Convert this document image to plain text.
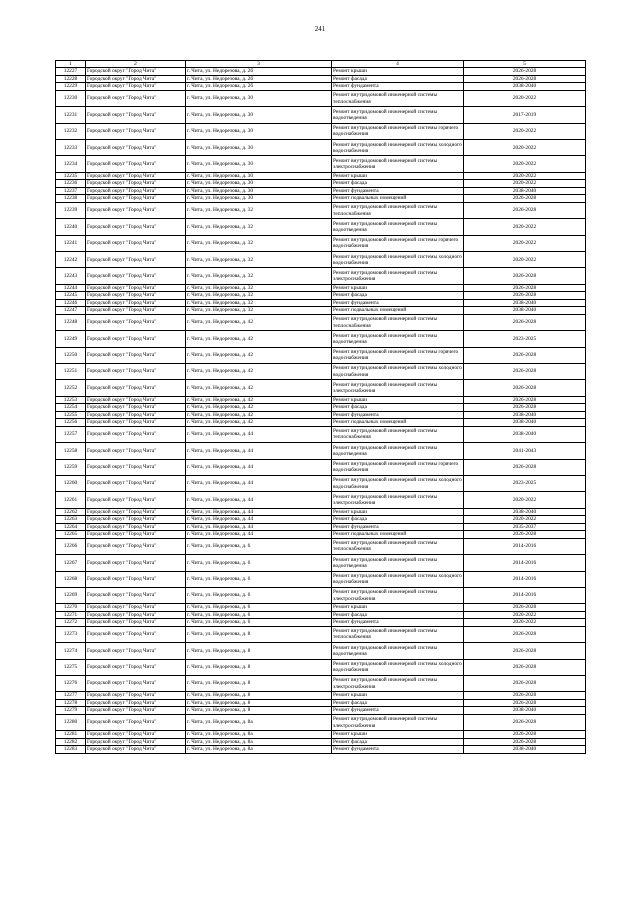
241
1	2	3	4	5
12227	Городской округ "Город Чита"	г. Чита, ул. Недорезова, д. 2б	Ремонт крыши	2026-2028
12228	Городской округ "Город Чита"	г. Чита, ул. Недорезова, д. 2б	Ремонт фасада	2026-2028
12229	Городской округ "Город Чита"	г. Чита, ул. Недорезова, д. 2б	Ремонт фундамента	2038-2040
12230	Городской округ "Город Чита"	г. Чита, ул. Недорезова, д. 30	Ремонт внутридомовой инженерной системы теплоснабжения	2020-2022
12231	Городской округ "Город Чита"	г. Чита, ул. Недорезова, д. 30	Ремонт внутридомовой инженерной системы водоотведения	2017-2019
12232	Городской округ "Город Чита"	г. Чита, ул. Недорезова, д. 30	Ремонт внутридомовой инженерной системы горячего водоснабжения	2020-2022
12233	Городской округ "Город Чита"	г. Чита, ул. Недорезова, д. 30	Ремонт внутридомовой инженерной системы холодного водоснабжения	2020-2022
12234	Городской округ "Город Чита"	г. Чита, ул. Недорезова, д. 30	Ремонт внутридомовой инженерной системы электроснабжения	2020-2022
12235	Городской округ "Город Чита"	г. Чита, ул. Недорезова, д. 30	Ремонт крыши	2020-2022
12236	Городской округ "Город Чита"	г. Чита, ул. Недорезова, д. 30	Ремонт фасада	2020-2022
12237	Городской округ "Город Чита"	г. Чита, ул. Недорезова, д. 30	Ремонт фундамента	2038-2040
12238	Городской округ "Город Чита"	г. Чита, ул. Недорезова, д. 30	Ремонт подвальных помещений	2026-2028
12239	Городской округ "Город Чита"	г. Чита, ул. Недорезова, д. 32	Ремонт внутридомовой инженерной системы теплоснабжения	2026-2028
12240	Городской округ "Город Чита"	г. Чита, ул. Недорезова, д. 32	Ремонт внутридомовой инженерной системы водоотведения	2020-2022
12241	Городской округ "Город Чита"	г. Чита, ул. Недорезова, д. 32	Ремонт внутридомовой инженерной системы горячего водоснабжения	2020-2022
12242	Городской округ "Город Чита"	г. Чита, ул. Недорезова, д. 32	Ремонт внутридомовой инженерной системы холодного водоснабжения	2020-2022
12243	Городской округ "Город Чита"	г. Чита, ул. Недорезова, д. 32	Ремонт внутридомовой инженерной системы электроснабжения	2026-2028
12244	Городской округ "Город Чита"	г. Чита, ул. Недорезова, д. 32	Ремонт крыши	2026-2028
12245	Городской округ "Город Чита"	г. Чита, ул. Недорезова, д. 32	Ремонт фасада	2026-2028
12246	Городской округ "Город Чита"	г. Чита, ул. Недорезова, д. 32	Ремонт фундамента	2038-2040
12247	Городской округ "Город Чита"	г. Чита, ул. Недорезова, д. 32	Ремонт подвальных помещений	2038-2040
12248	Городской округ "Город Чита"	г. Чита, ул. Недорезова, д. 42	Ремонт внутридомовой инженерной системы теплоснабжения	2026-2028
12249	Городской округ "Город Чита"	г. Чита, ул. Недорезова, д. 42	Ремонт внутридомовой инженерной системы водоотведения	2023-2025
12250	Городской округ "Город Чита"	г. Чита, ул. Недорезова, д. 42	Ремонт внутридомовой инженерной системы горячего водоснабжения	2026-2028
12251	Городской округ "Город Чита"	г. Чита, ул. Недорезова, д. 42	Ремонт внутридомовой инженерной системы холодного водоснабжения	2026-2028
12252	Городской округ "Город Чита"	г. Чита, ул. Недорезова, д. 42	Ремонт внутридомовой инженерной системы электроснабжения	2026-2028
12253	Городской округ "Город Чита"	г. Чита, ул. Недорезова, д. 42	Ремонт крыши	2026-2028
12254	Городской округ "Город Чита"	г. Чита, ул. Недорезова, д. 42	Ремонт фасада	2026-2028
12255	Городской округ "Город Чита"	г. Чита, ул. Недорезова, д. 42	Ремонт фундамента	2038-2040
12256	Городской округ "Город Чита"	г. Чита, ул. Недорезова, д. 42	Ремонт подвальных помещений	2038-2040
12257	Городской округ "Город Чита"	г. Чита, ул. Недорезова, д. 44	Ремонт внутридомовой инженерной системы теплоснабжения	2038-2040
12258	Городской округ "Город Чита"	г. Чита, ул. Недорезова, д. 44	Ремонт внутридомовой инженерной системы водоотведения	2041-2043
12259	Городской округ "Город Чита"	г. Чита, ул. Недорезова, д. 44	Ремонт внутридомовой инженерной системы горячего водоснабжения	2026-2028
12260	Городской округ "Город Чита"	г. Чита, ул. Недорезова, д. 44	Ремонт внутридомовой инженерной системы холодного водоснабжения	2023-2025
12261	Городской округ "Город Чита"	г. Чита, ул. Недорезова, д. 44	Ремонт внутридомовой инженерной системы электроснабжения	2020-2022
12262	Городской округ "Город Чита"	г. Чита, ул. Недорезова, д. 44	Ремонт крыши	2038-2040
12263	Городской округ "Город Чита"	г. Чита, ул. Недорезова, д. 44	Ремонт фасада	2020-2022
12264	Городской округ "Город Чита"	г. Чита, ул. Недорезова, д. 44	Ремонт фундамента	2035-2037
12265	Городской округ "Город Чита"	г. Чита, ул. Недорезова, д. 44	Ремонт подвальных помещений	2026-2028
12266	Городской округ "Город Чита"	г. Чита, ул. Недорезова, д. 6	Ремонт внутридомовой инженерной системы теплоснабжения	2014-2016
12267	Городской округ "Город Чита"	г. Чита, ул. Недорезова, д. 6	Ремонт внутридомовой инженерной системы водоотведения	2014-2016
12268	Городской округ "Город Чита"	г. Чита, ул. Недорезова, д. 6	Ремонт внутридомовой инженерной системы холодного водоснабжения	2014-2016
12269	Городской округ "Город Чита"	г. Чита, ул. Недорезова, д. 6	Ремонт внутридомовой инженерной системы электроснабжения	2014-2016
12270	Городской округ "Город Чита"	г. Чита, ул. Недорезова, д. 6	Ремонт крыши	2026-2028
12271	Городской округ "Город Чита"	г. Чита, ул. Недорезова, д. 6	Ремонт фасада	2020-2022
12272	Городской округ "Город Чита"	г. Чита, ул. Недорезова, д. 6	Ремонт фундамента	2020-2022
12273	Городской округ "Город Чита"	г. Чита, ул. Недорезова, д. 8	Ремонт внутридомовой инженерной системы теплоснабжения	2026-2028
12274	Городской округ "Город Чита"	г. Чита, ул. Недорезова, д. 8	Ремонт внутридомовой инженерной системы водоотведения	2026-2028
12275	Городской округ "Город Чита"	г. Чита, ул. Недорезова, д. 8	Ремонт внутридомовой инженерной системы холодного водоснабжения	2026-2028
12276	Городской округ "Город Чита"	г. Чита, ул. Недорезова, д. 8	Ремонт внутридомовой инженерной системы электроснабжения	2026-2028
12277	Городской округ "Город Чита"	г. Чита, ул. Недорезова, д. 8	Ремонт крыши	2026-2028
12278	Городской округ "Город Чита"	г. Чита, ул. Недорезова, д. 8	Ремонт фасада	2026-2028
12279	Городской округ "Город Чита"	г. Чита, ул. Недорезова, д. 8	Ремонт фундамента	2038-2040
12280	Городской округ "Город Чита"	г. Чита, ул. Недорезова, д. 8а	Ремонт внутридомовой инженерной системы электроснабжения	2026-2028
12281	Городской округ "Город Чита"	г. Чита, ул. Недорезова, д. 8а	Ремонт крыши	2026-2028
12282	Городской округ "Город Чита"	г. Чита, ул. Недорезова, д. 8а	Ремонт фасада	2026-2028
12283	Городской округ "Город Чита"	г. Чита, ул. Недорезова, д. 8а	Ремонт фундамента	2038-2040
